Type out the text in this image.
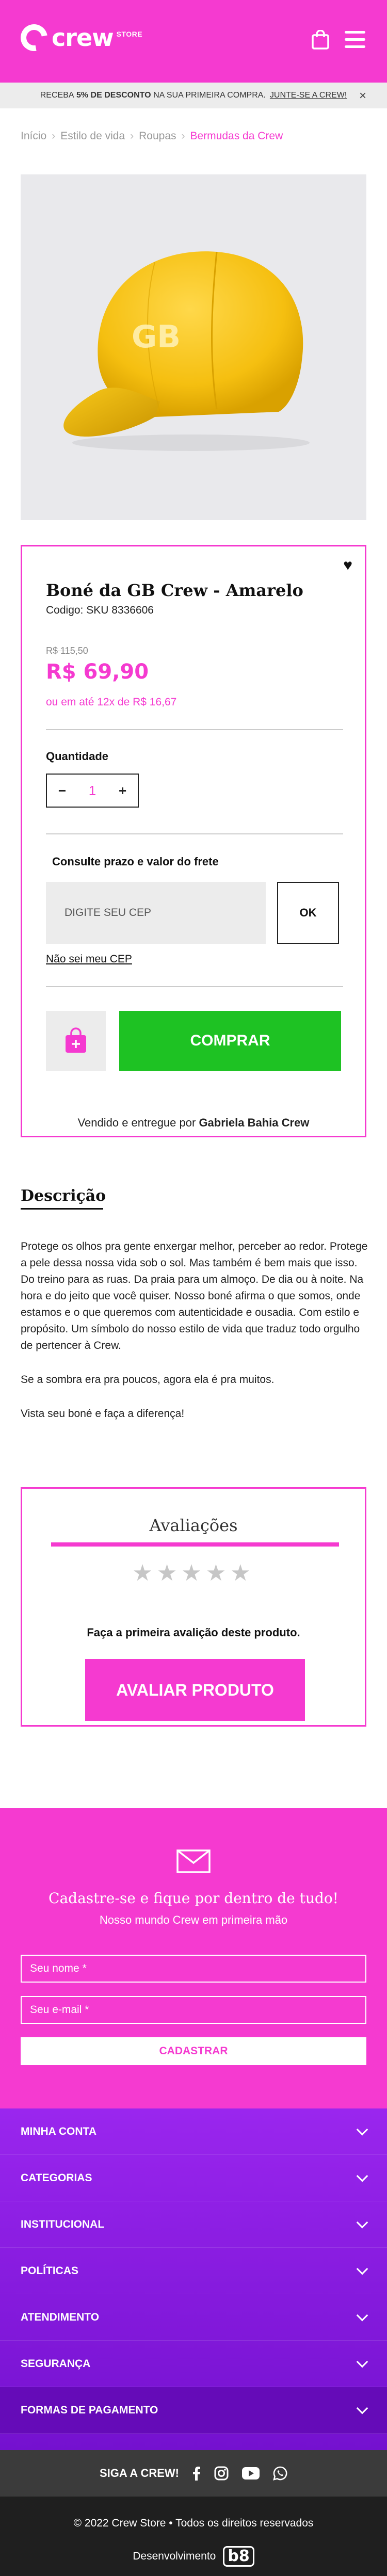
crew STORE
RECEBA
5% DE DESCONTO
NA SUA PRIMEIRA COMPRA. JUNTE-SE A CREW! ×
Início › Estilo de vida › Roupas › Bermudas da Crew
GB
♥
Boné da GB Crew - Amarelo
Codigo: SKU 8336606
R$ 115,50
R$ 69,90
ou em até 12x de R$ 16,67
Quantidade
− 1 +
Consulte prazo e valor do frete
DIGITE SEU CEP
OK
Não sei meu CEP
COMPRAR
Vendido e entregue por Gabriela Bahia Crew
Descrição

Protege os olhos pra gente enxergar melhor, perceber ao redor. Protege a pele dessa nossa vida sob o sol. Mas também é bem mais que isso. Do treino para as ruas. Da praia para um almoço. De dia ou à noite. Na hora e do jeito que você quiser. Nosso boné afirma o que somos, onde estamos e o que queremos com autenticidade e ousadia. Com estilo e propósito. Um símbolo do nosso estilo de vida que traduz todo orgulho de pertencer à Crew.

Se a sombra era pra poucos, agora ela é pra muitos.

Vista seu boné e faça a diferença!

Avaliações
★★★★★
Faça a primeira avalição deste produto.
AVALIAR PRODUTO
Cadastre-se e fique por dentro de tudo!
Nosso mundo Crew em primeira mão
Seu nome *
Seu e-mail *
CADASTRAR
MINHA CONTA
CATEGORIAS
INSTITUCIONAL
POLÍTICAS
ATENDIMENTO
SEGURANÇA
FORMAS DE PAGAMENTO
SIGA A CREW!
© 2022 Crew Store • Todos os direitos reservados
Desenvolvimento b8
